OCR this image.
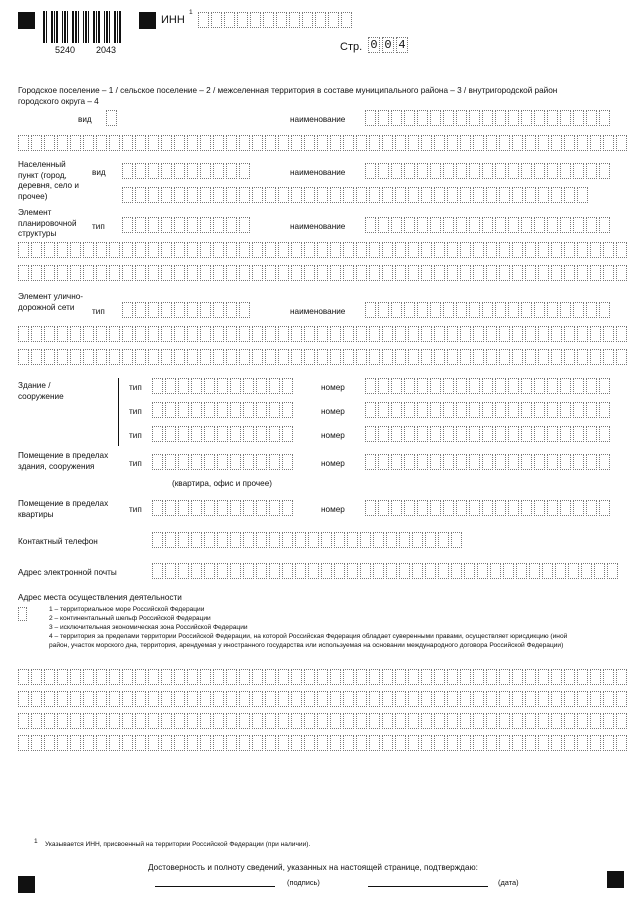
5240 2043
ИНН
1
Стр. 0 0 4
Городское поселение – 1 / сельское поселение – 2 / межселенная территория в составе муниципального района – 3 / внутригородской район городского округа – 4
вид	наименование
Населенный пункт (город, деревня, село и прочее)
вид	наименование
Элемент планировочной структуры
тип	наименование
Элемент улично-дорожной сети	тип	наименование
Здание / сооружение
тип	номер
тип	номер
тип	номер
Помещение в пределах здания, сооружения	тип	номер
(квартира, офис и прочее)
Помещение в пределах квартиры	тип	номер
Контактный телефон
Адрес электронной почты
Адрес места осуществления деятельности
1 – территориальное море Российской Федерации
2 – континентальный шельф Российской Федерации
3 – исключительная экономическая зона Российской Федерации
4 – территория за пределами территории Российской Федерации, на которой Российская Федерация обладает суверенными правами, осуществляет юрисдикцию (иной район, участок морского дна, территория, арендуемая у иностранного государства или используемая на основании международного договора Российской Федерации)
1 Указывается ИНН, присвоенный на территории Российской Федерации (при наличии).
Достоверность и полноту сведений, указанных на настоящей странице, подтверждаю:
(подпись)	(дата)
